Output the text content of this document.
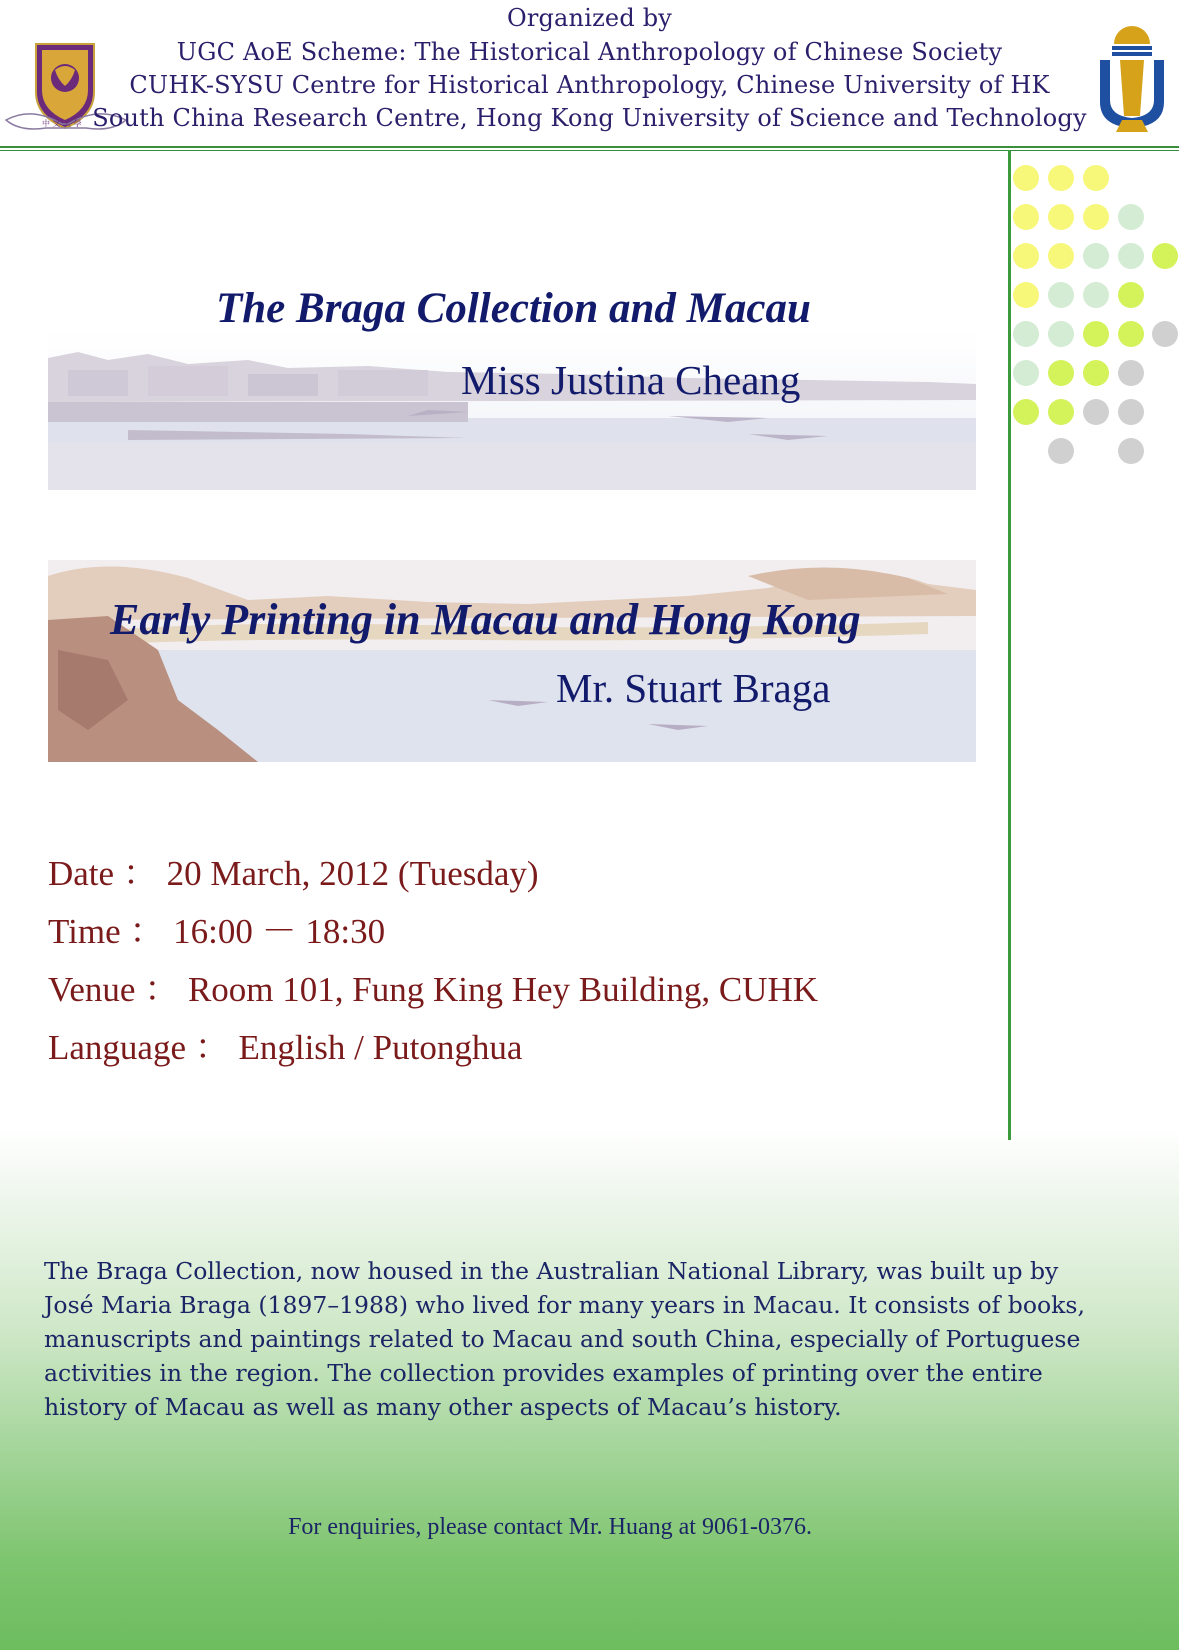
中 文 大 學
Organized by
UGC AoE Scheme: The Historical Anthropology of Chinese Society
CUHK-SYSU Centre for Historical Anthropology, Chinese University of HK
South China Research Centre, Hong Kong University of Science and Technology
The Braga Collection and Macau
Miss Justina Cheang
Early Printing in Macau and Hong Kong
Mr. Stuart Braga
Date ： 20 March, 2012 (Tuesday)
Time ： 16:00 － 18:30
Venue ： Room 101, Fung King Hey Building, CUHK
Language ： English / Putonghua
The Braga Collection, now housed in the Australian National Library, was built up by José Maria Braga (1897–1988) who lived for many years in Macau. It consists of books, manuscripts and paintings related to Macau and south China, especially of Portuguese activities in the region. The collection provides examples of printing over the entire history of Macau as well as many other aspects of Macau’s history.
For enquiries, please contact Mr. Huang at 9061-0376.
